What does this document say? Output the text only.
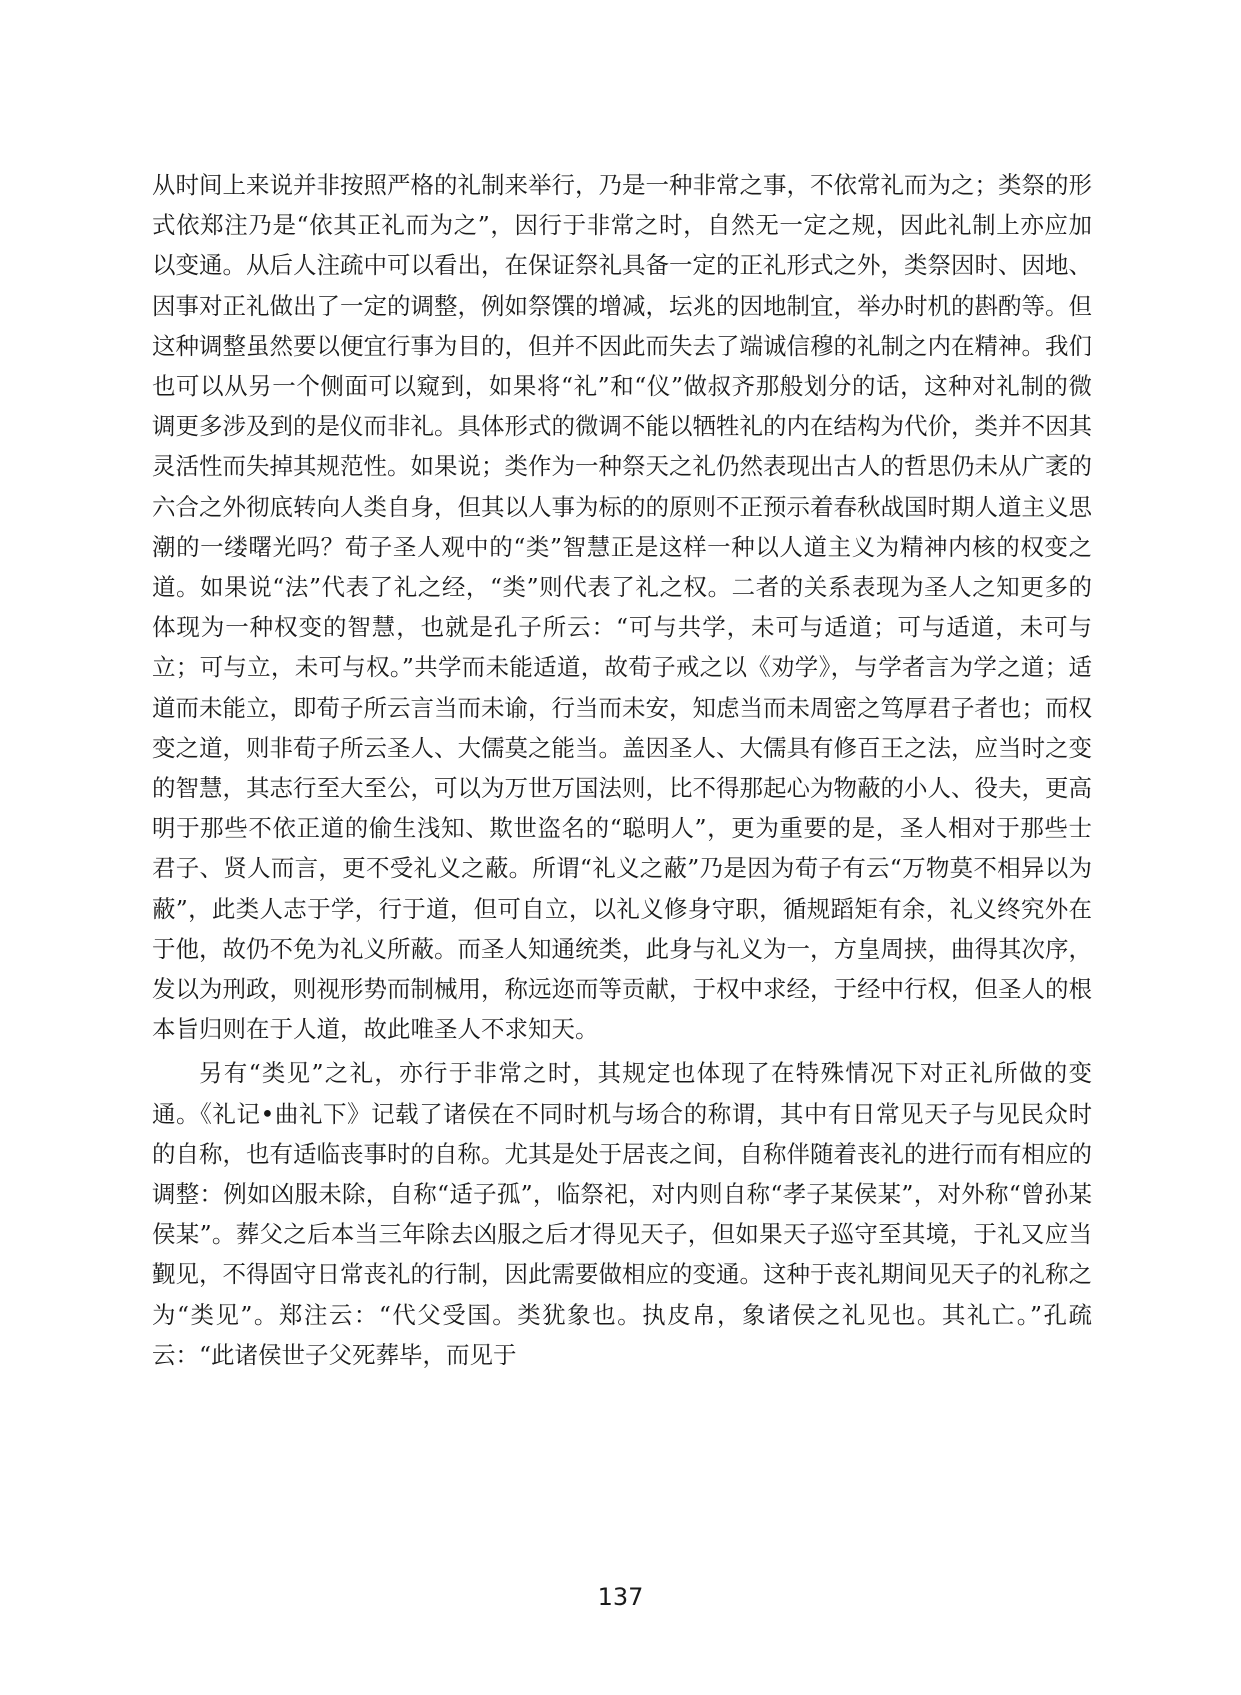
从时间上来说并非按照严格的礼制来举行，乃是一种非常之事，不依常礼而为之；类祭的形式依郑注乃是“依其正礼而为之”，因行于非常之时，自然无一定之规，因此礼制上亦应加以变通。从后人注疏中可以看出，在保证祭礼具备一定的正礼形式之外，类祭因时、因地、因事对正礼做出了一定的调整，例如祭馔的增减，坛兆的因地制宜，举办时机的斟酌等。但这种调整虽然要以便宜行事为目的，但并不因此而失去了端诚信穆的礼制之内在精神。我们也可以从另一个侧面可以窥到，如果将“礼”和“仪”做叔齐那般划分的话，这种对礼制的微调更多涉及到的是仪而非礼。具体形式的微调不能以牺牲礼的内在结构为代价，类并不因其灵活性而失掉其规范性。如果说；类作为一种祭天之礼仍然表现出古人的哲思仍未从广袤的六合之外彻底转向人类自身，但其以人事为标的的原则不正预示着春秋战国时期人道主义思潮的一缕曙光吗？荀子圣人观中的“类”智慧正是这样一种以人道主义为精神内核的权变之道。如果说“法”代表了礼之经，“类”则代表了礼之权。二者的关系表现为圣人之知更多的体现为一种权变的智慧，也就是孔子所云：“可与共学，未可与适道；可与适道，未可与立；可与立，未可与权。”共学而未能适道，故荀子戒之以《劝学》，与学者言为学之道；适道而未能立，即荀子所云言当而未谕，行当而未安，知虑当而未周密之笃厚君子者也；而权变之道，则非荀子所云圣人、大儒莫之能当。盖因圣人、大儒具有修百王之法，应当时之变的智慧，其志行至大至公，可以为万世万国法则，比不得那起心为物蔽的小人、役夫，更高明于那些不依正道的偷生浅知、欺世盗名的“聪明人”，更为重要的是，圣人相对于那些士君子、贤人而言，更不受礼义之蔽。所谓“礼义之蔽”乃是因为荀子有云“万物莫不相异以为蔽”，此类人志于学，行于道，但可自立，以礼义修身守职，循规蹈矩有余，礼义终究外在于他，故仍不免为礼义所蔽。而圣人知通统类，此身与礼义为一，方皇周挟，曲得其次序，发以为刑政，则视形势而制械用，称远迩而等贡献，于权中求经，于经中行权，但圣人的根本旨归则在于人道，故此唯圣人不求知天。

另有“类见”之礼，亦行于非常之时，其规定也体现了在特殊情况下对正礼所做的变通。《礼记•曲礼下》记载了诸侯在不同时机与场合的称谓，其中有日常见天子与见民众时的自称，也有适临丧事时的自称。尤其是处于居丧之间，自称伴随着丧礼的进行而有相应的调整：例如凶服未除，自称“适子孤”，临祭祀，对内则自称“孝子某侯某”，对外称“曾孙某侯某”。葬父之后本当三年除去凶服之后才得见天子，但如果天子巡守至其境，于礼又应当觐见，不得固守日常丧礼的行制，因此需要做相应的变通。这种于丧礼期间见天子的礼称之为“类见”。郑注云：“代父受国。类犹象也。执皮帛，象诸侯之礼见也。其礼亡。”孔疏云：“此诸侯世子父死葬毕，而见于

137
